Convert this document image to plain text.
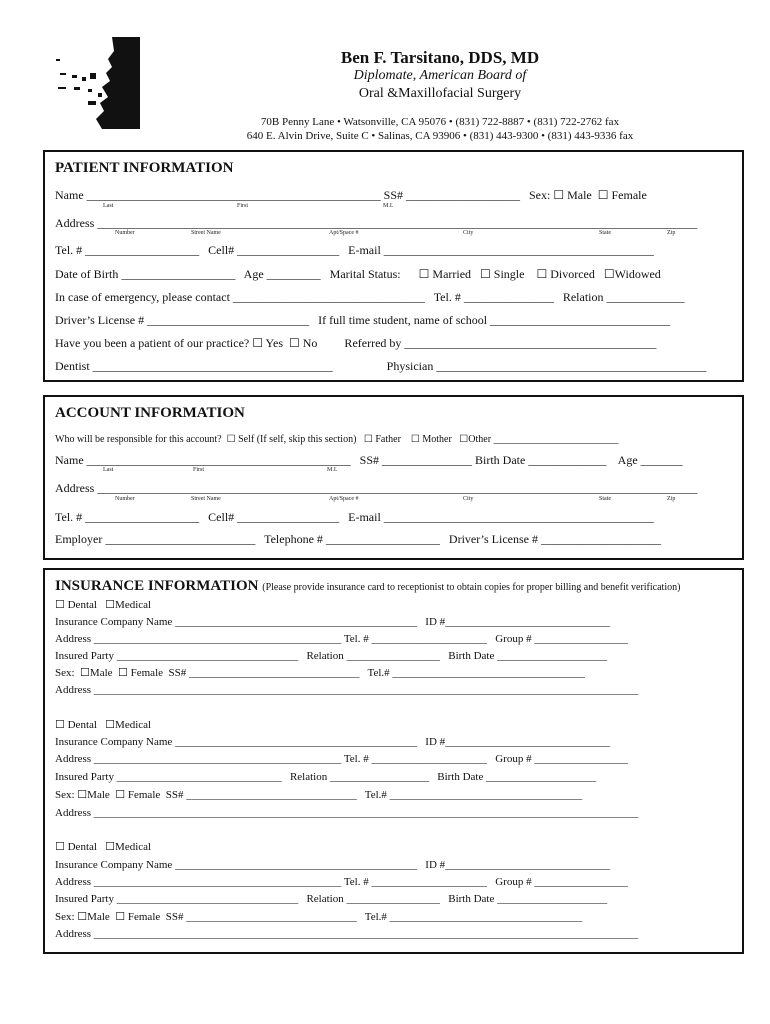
Ben F. Tarsitano, DDS, MD
Diplomate, American Board of
Oral &Maxillofacial Surgery
70B Penny Lane • Watsonville, CA 95076 • (831) 722-8887 • (831) 722-2762 fax
640 E. Alvin Drive, Suite C • Salinas, CA 93906 • (831) 443-9300 • (831) 443-9336 fax
PATIENT INFORMATION
Name _________________________________________________ SS# ___________________   Sex: ☐ Male  ☐ Female
Last	First	M.I.
Address ____________________________________________________________________________________________________
Number	Street Name	Apt/Space #	City	State	Zip
Tel. # ___________________   Cell# _________________   E-mail _____________________________________________
Date of Birth ___________________   Age _________   Marital Status:      ☐ Married   ☐ Single    ☐ Divorced   ☐Widowed
In case of emergency, please contact ________________________________   Tel. # _______________   Relation _____________
Driver’s License # ___________________________   If full time student, name of school ______________________________
Have you been a patient of our practice? ☐ Yes  ☐ No         Referred by __________________________________________
Dentist ________________________________________                  Physician _____________________________________________
ACCOUNT INFORMATION
Who will be responsible for this account?  ☐ Self (If self, skip this section)   ☐ Father    ☐ Mother   ☐Other _________________________
Name ____________________________________________   SS# _______________ Birth Date _____________    Age _______
Last	First	M.I.
Address ____________________________________________________________________________________________________
Number	Street Name	Apt/Space #	City	State	Zip
Tel. # ___________________   Cell# _________________   E-mail _____________________________________________
Employer _________________________   Telephone # ___________________   Driver’s License # ____________________
INSURANCE INFORMATION (Please provide insurance card to receptionist to obtain copies for proper billing and benefit verification)
☐ Dental   ☐Medical
Insurance Company Name ____________________________________________   ID #______________________________
Address _____________________________________________ Tel. # _____________________   Group # _________________
Insured Party _________________________________   Relation _________________   Birth Date ____________________
Sex:  ☐Male  ☐ Female  SS# _______________________________   Tel.# ___________________________________
Address ___________________________________________________________________________________________________
☐ Dental   ☐Medical
Insurance Company Name ____________________________________________   ID #______________________________
Address _____________________________________________ Tel. # _____________________   Group # _________________
Insured Party ______________________________   Relation __________________   Birth Date ____________________
Sex: ☐Male  ☐ Female  SS# _______________________________   Tel.# ___________________________________
Address ___________________________________________________________________________________________________
☐ Dental   ☐Medical
Insurance Company Name ____________________________________________   ID #______________________________
Address _____________________________________________ Tel. # _____________________   Group # _________________
Insured Party _________________________________   Relation _________________   Birth Date ____________________
Sex: ☐Male  ☐ Female  SS# _______________________________   Tel.# ___________________________________
Address ___________________________________________________________________________________________________
